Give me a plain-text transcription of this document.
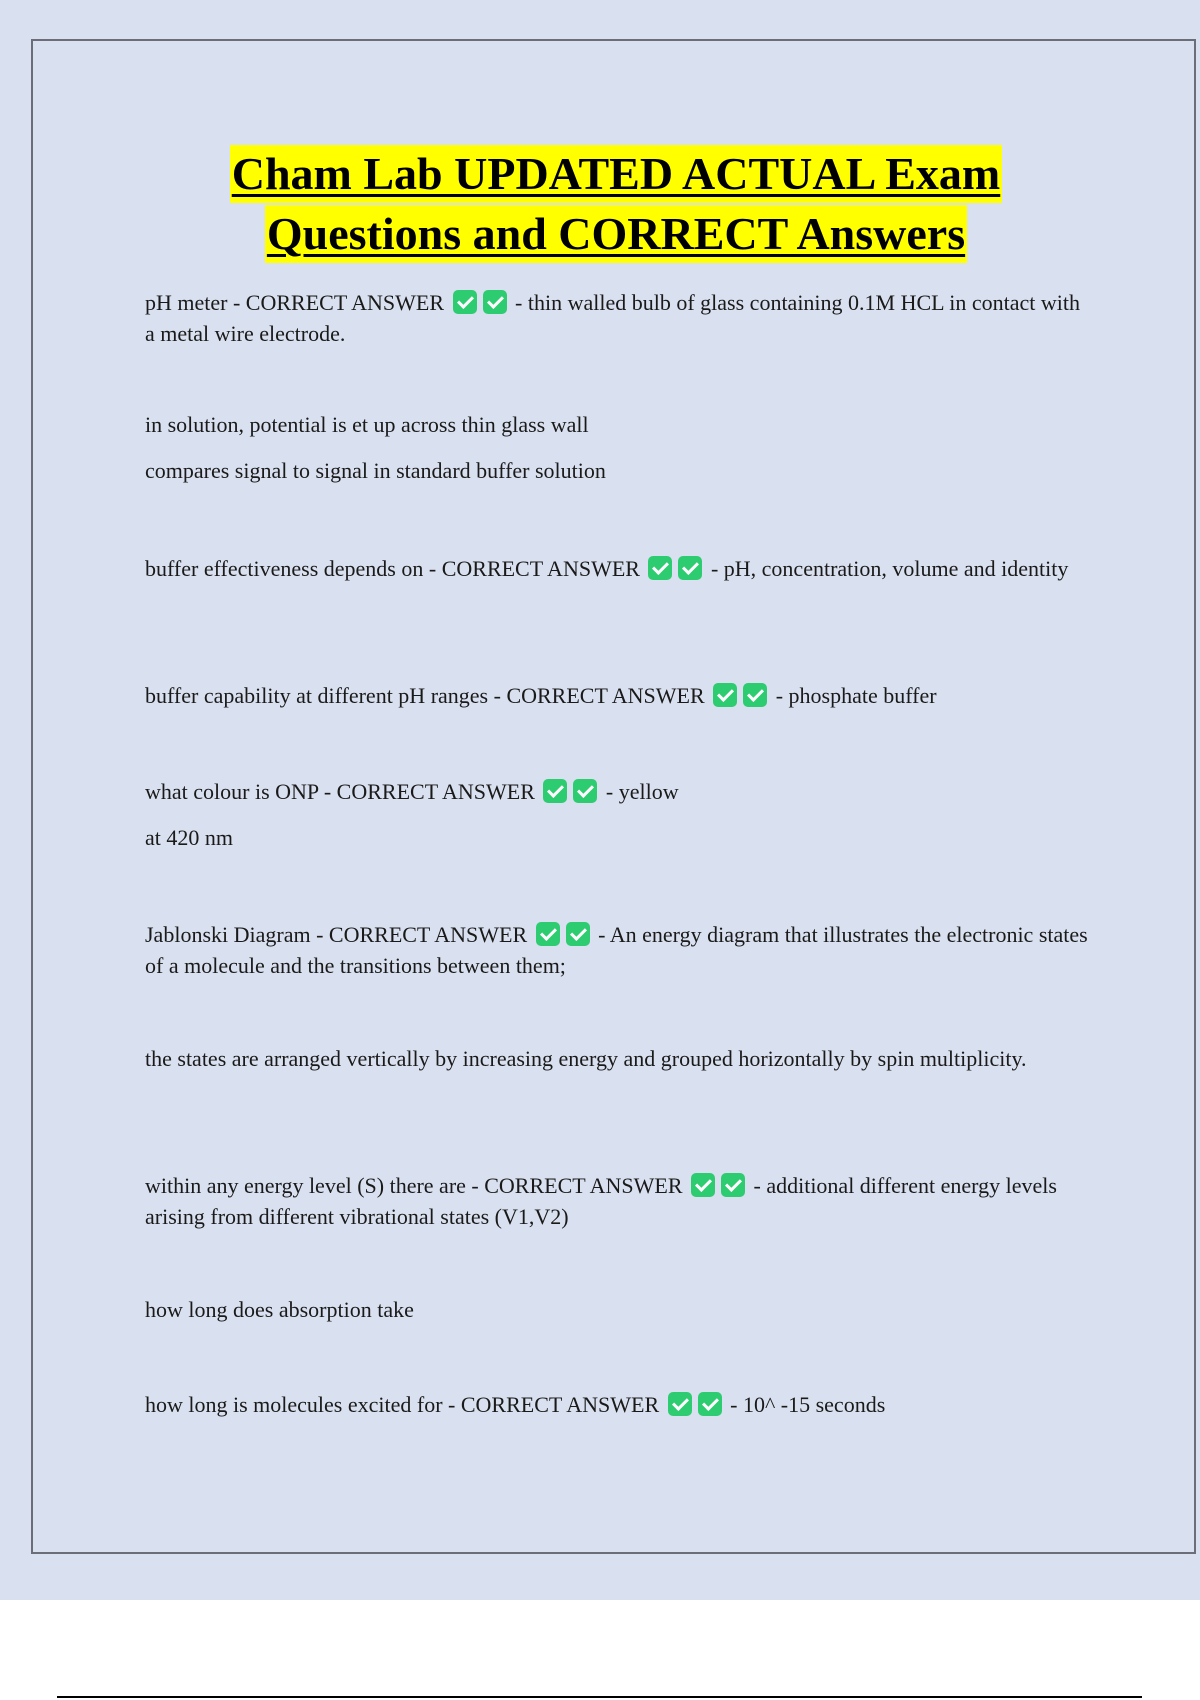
Cham Lab UPDATED ACTUAL Exam
Questions and CORRECT Answers

pH meter - CORRECT ANSWER	- thin walled bulb of glass containing 0.1M HCL in contact with a metal wire electrode.

in solution, potential is et up across thin glass wall

compares signal to signal in standard buffer solution

buffer effectiveness depends on - CORRECT ANSWER	- pH, concentration, volume and identity

buffer capability at different pH ranges - CORRECT ANSWER	- phosphate buffer

what colour is ONP - CORRECT ANSWER	- yellow

at 420 nm

Jablonski Diagram - CORRECT ANSWER	- An energy diagram that illustrates the electronic states of a molecule and the transitions between them;

the states are arranged vertically by increasing energy and grouped horizontally by spin multiplicity.

within any energy level (S) there are - CORRECT ANSWER	- additional different energy levels arising from different vibrational states (V1,V2)

how long does absorption take

how long is molecules excited for - CORRECT ANSWER	- 10^ -15 seconds
